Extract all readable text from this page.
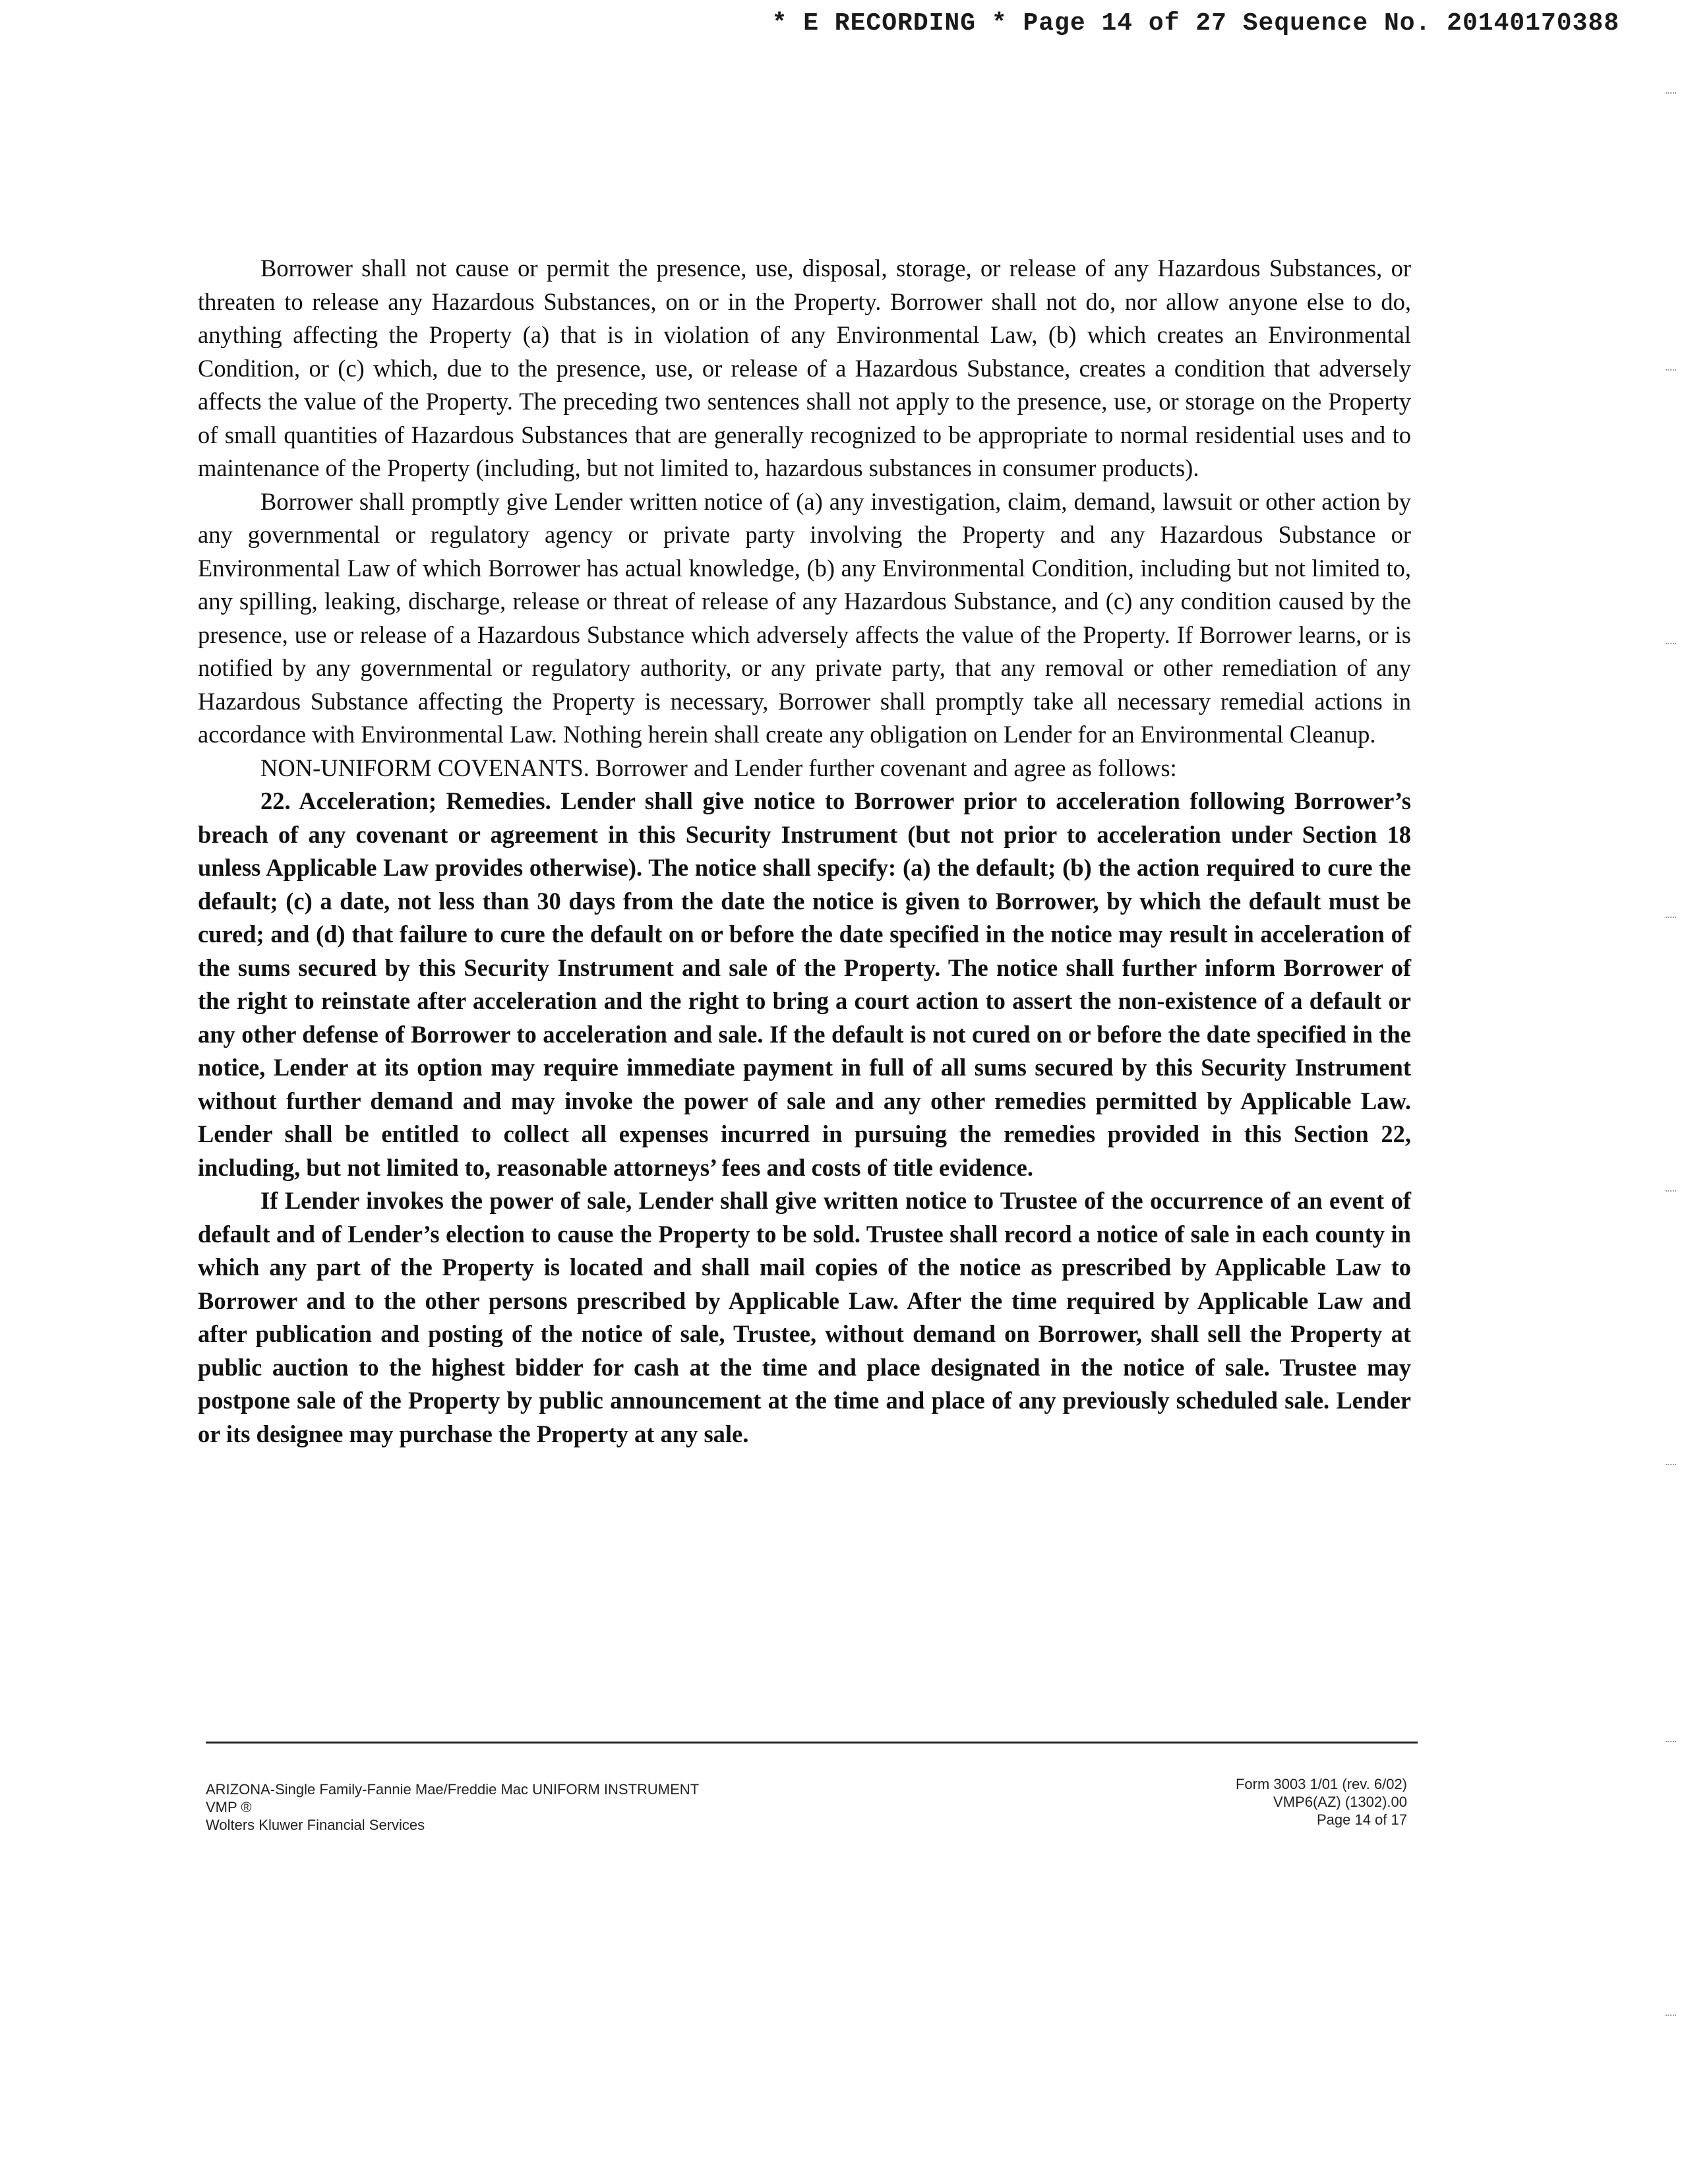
* E RECORDING * Page 14 of 27 Sequence No. 20140170388

Borrower shall not cause or permit the presence, use, disposal, storage, or release of any Hazardous Substances, or threaten to release any Hazardous Substances, on or in the Property. Borrower shall not do, nor allow anyone else to do, anything affecting the Property (a) that is in violation of any Environmental Law, (b) which creates an Environmental Condition, or (c) which, due to the presence, use, or release of a Hazardous Substance, creates a condition that adversely affects the value of the Property. The preceding two sentences shall not apply to the presence, use, or storage on the Property of small quantities of Hazardous Substances that are generally recognized to be appropriate to normal residential uses and to maintenance of the Property (including, but not limited to, hazardous substances in consumer products).

Borrower shall promptly give Lender written notice of (a) any investigation, claim, demand, lawsuit or other action by any governmental or regulatory agency or private party involving the Property and any Hazardous Substance or Environmental Law of which Borrower has actual knowledge, (b) any Environmental Condition, including but not limited to, any spilling, leaking, discharge, release or threat of release of any Hazardous Substance, and (c) any condition caused by the presence, use or release of a Hazardous Substance which adversely affects the value of the Property. If Borrower learns, or is notified by any governmental or regulatory authority, or any private party, that any removal or other remediation of any Hazardous Substance affecting the Property is necessary, Borrower shall promptly take all necessary remedial actions in accordance with Environmental Law. Nothing herein shall create any obligation on Lender for an Environmental Cleanup.

NON-UNIFORM COVENANTS. Borrower and Lender further covenant and agree as follows:

22. Acceleration; Remedies. Lender shall give notice to Borrower prior to acceleration following Borrower’s breach of any covenant or agreement in this Security Instrument (but not prior to acceleration under Section 18 unless Applicable Law provides otherwise). The notice shall specify: (a) the default; (b) the action required to cure the default; (c) a date, not less than 30 days from the date the notice is given to Borrower, by which the default must be cured; and (d) that failure to cure the default on or before the date specified in the notice may result in acceleration of the sums secured by this Security Instrument and sale of the Property. The notice shall further inform Borrower of the right to reinstate after acceleration and the right to bring a court action to assert the non-existence of a default or any other defense of Borrower to acceleration and sale. If the default is not cured on or before the date specified in the notice, Lender at its option may require immediate payment in full of all sums secured by this Security Instrument without further demand and may invoke the power of sale and any other remedies permitted by Applicable Law. Lender shall be entitled to collect all expenses incurred in pursuing the remedies provided in this Section 22, including, but not limited to, reasonable attorneys’ fees and costs of title evidence.

If Lender invokes the power of sale, Lender shall give written notice to Trustee of the occurrence of an event of default and of Lender’s election to cause the Property to be sold. Trustee shall record a notice of sale in each county in which any part of the Property is located and shall mail copies of the notice as prescribed by Applicable Law to Borrower and to the other persons prescribed by Applicable Law. After the time required by Applicable Law and after publication and posting of the notice of sale, Trustee, without demand on Borrower, shall sell the Property at public auction to the highest bidder for cash at the time and place designated in the notice of sale. Trustee may postpone sale of the Property by public announcement at the time and place of any previously scheduled sale. Lender or its designee may purchase the Property at any sale.

ARIZONA-Single Family-Fannie Mae/Freddie Mac UNIFORM INSTRUMENT
VMP ®
Wolters Kluwer Financial Services
Form 3003 1/01 (rev. 6/02)
VMP6(AZ) (1302).00
Page 14 of 17
